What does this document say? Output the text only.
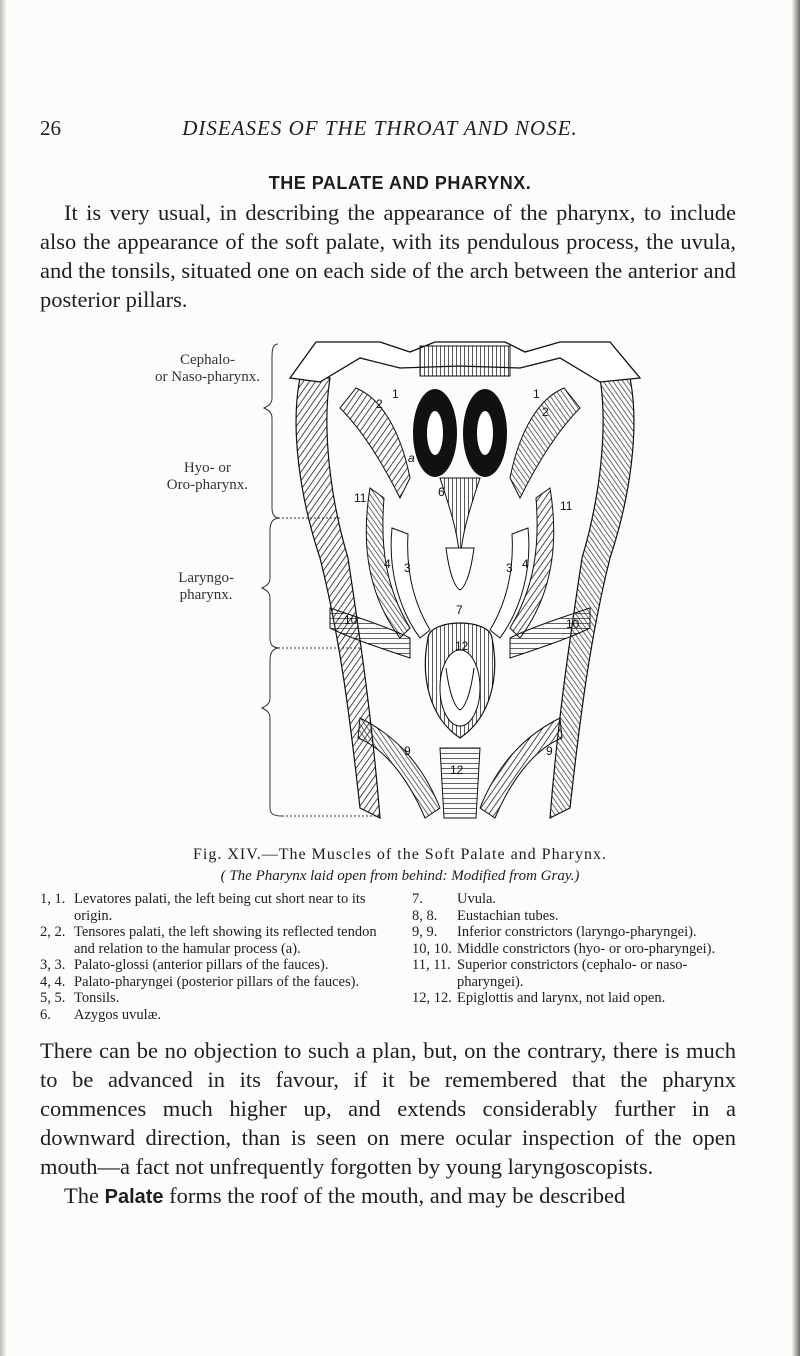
26	DISEASES OF THE THROAT AND NOSE.
THE PALATE AND PHARYNX.
It is very usual, in describing the appearance of the pharynx, to include also the appearance of the soft palate, with its pendulous process, the uvula, and the tonsils, situated one on each side of the arch between the anterior and posterior pillars.
Cephalo-
or Naso-pharynx.
Hyo- or
Oro-pharynx.
Laryngo-
pharynx.
1	1
2
2
3	3
4	4
6
7
9	9
10	10
11
11
12
12
a
Fig. XIV.—The Muscles of the Soft Palate and Pharynx.
( The Pharynx laid open from behind: Modified from Gray.)
1, 1. Levatores palati, the left being cut short near to its origin.
2, 2. Tensores palati, the left showing its reflected tendon and relation to the hamular process (a).
3, 3. Palato-glossi (anterior pillars of the fauces).
4, 4. Palato-pharyngei (posterior pillars of the fauces).
5, 5. Tonsils.
6.	Azygos uvulæ.
7.	Uvula.
8, 8.	Eustachian tubes.
9, 9.	Inferior constrictors (laryngo-pharyngei).
10, 10. Middle constrictors (hyo- or oro-pharyngei).
11, 11. Superior constrictors (cephalo- or naso-pharyngei).
12, 12. Epiglottis and larynx, not laid open.
There can be no objection to such a plan, but, on the contrary, there is much to be advanced in its favour, if it be remembered that the pharynx commences much higher up, and extends considerably further in a downward direction, than is seen on mere ocular inspection of the open mouth—a fact not unfrequently forgotten by young laryngoscopists.
The Palate forms the roof of the mouth, and may be described
